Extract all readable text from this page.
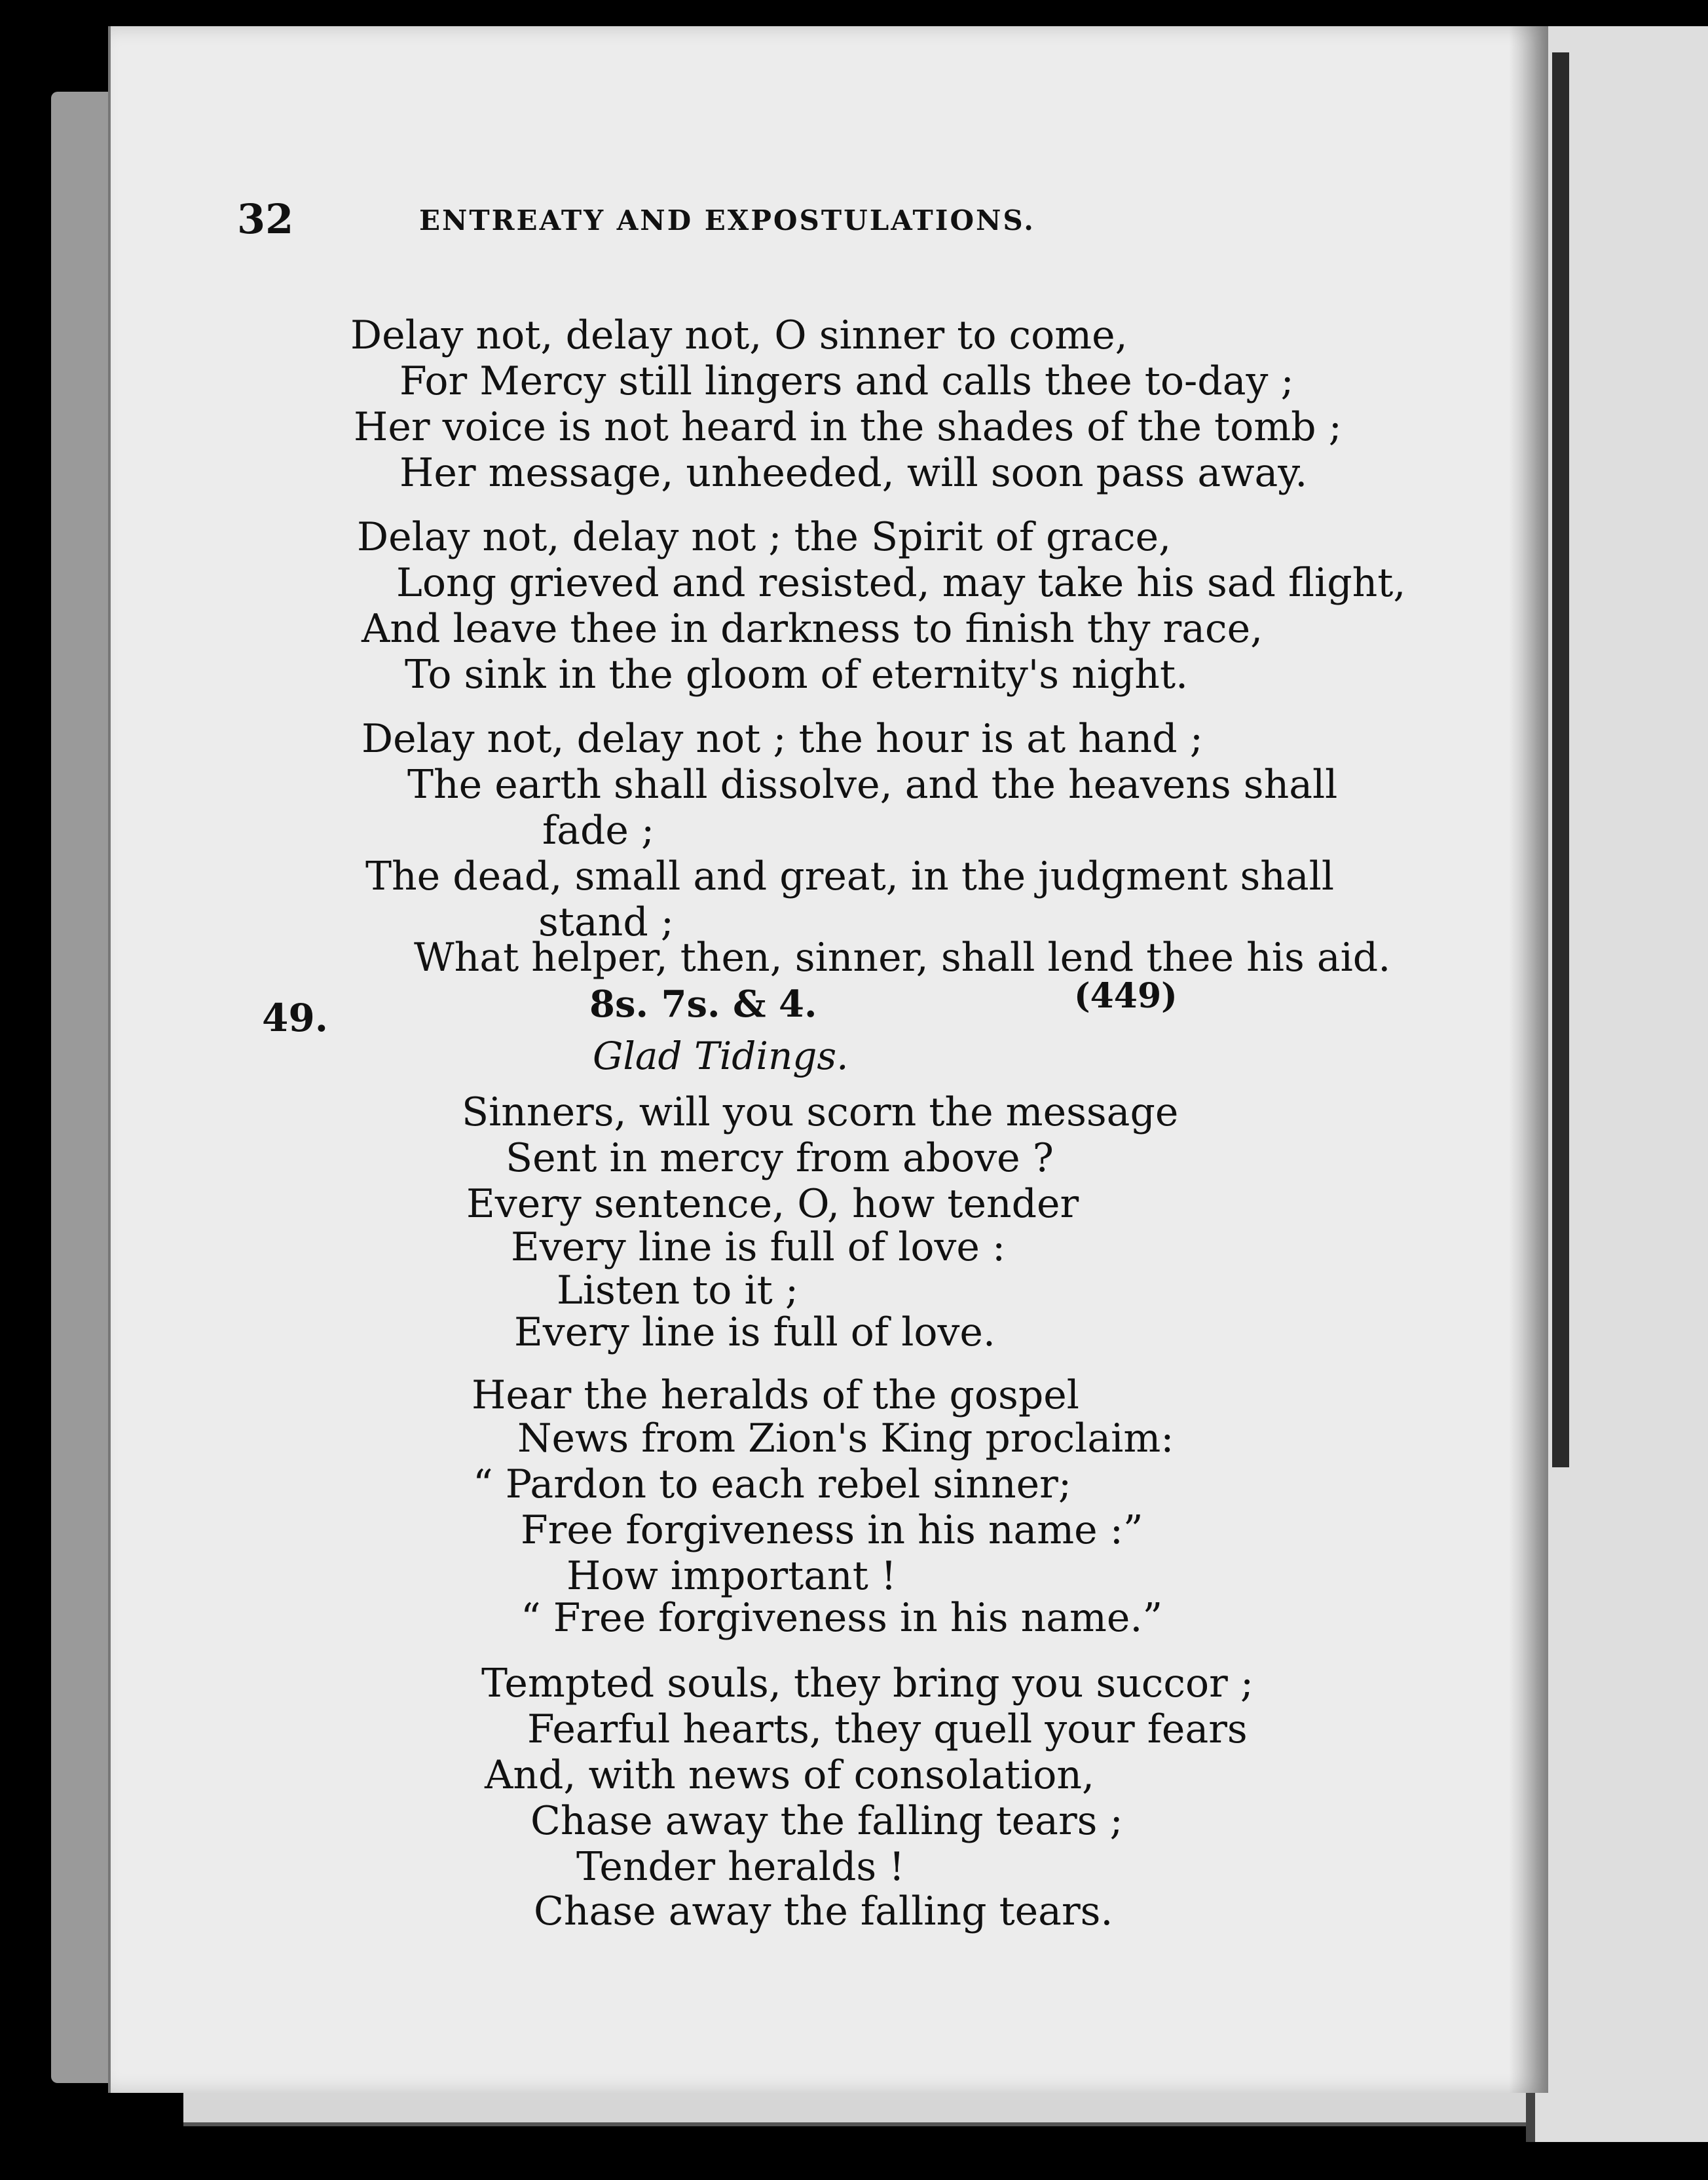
32	ENTREATY AND EXPOSTULATIONS.
Delay not, delay not, O sinner to come,
For Mercy still lingers and calls thee to-day ;
Her voice is not heard in the shades of the tomb ;
Her message, unheeded, will soon pass away.
Delay not, delay not ; the Spirit of grace,
Long grieved and resisted, may take his sad flight,
And leave thee in darkness to finish thy race,
To sink in the gloom of eternity's night.
Delay not, delay not ; the hour is at hand ;
The earth shall dissolve, and the heavens shall
fade ;
The dead, small and great, in the judgment shall
stand ;
What helper, then, sinner, shall lend thee his aid.
49.	8s. 7s. & 4.	(449)
Glad Tidings.
Sinners, will you scorn the message
Sent in mercy from above ?
Every sentence, O, how tender
Every line is full of love :
Listen to it ;
Every line is full of love.
Hear the heralds of the gospel
News from Zion's King proclaim:
“ Pardon to each rebel sinner;
Free forgiveness in his name :”
How important !
“ Free forgiveness in his name.”
Tempted souls, they bring you succor ;
Fearful hearts, they quell your fears
And, with news of consolation,
Chase away the falling tears ;
Tender heralds !
Chase away the falling tears.
